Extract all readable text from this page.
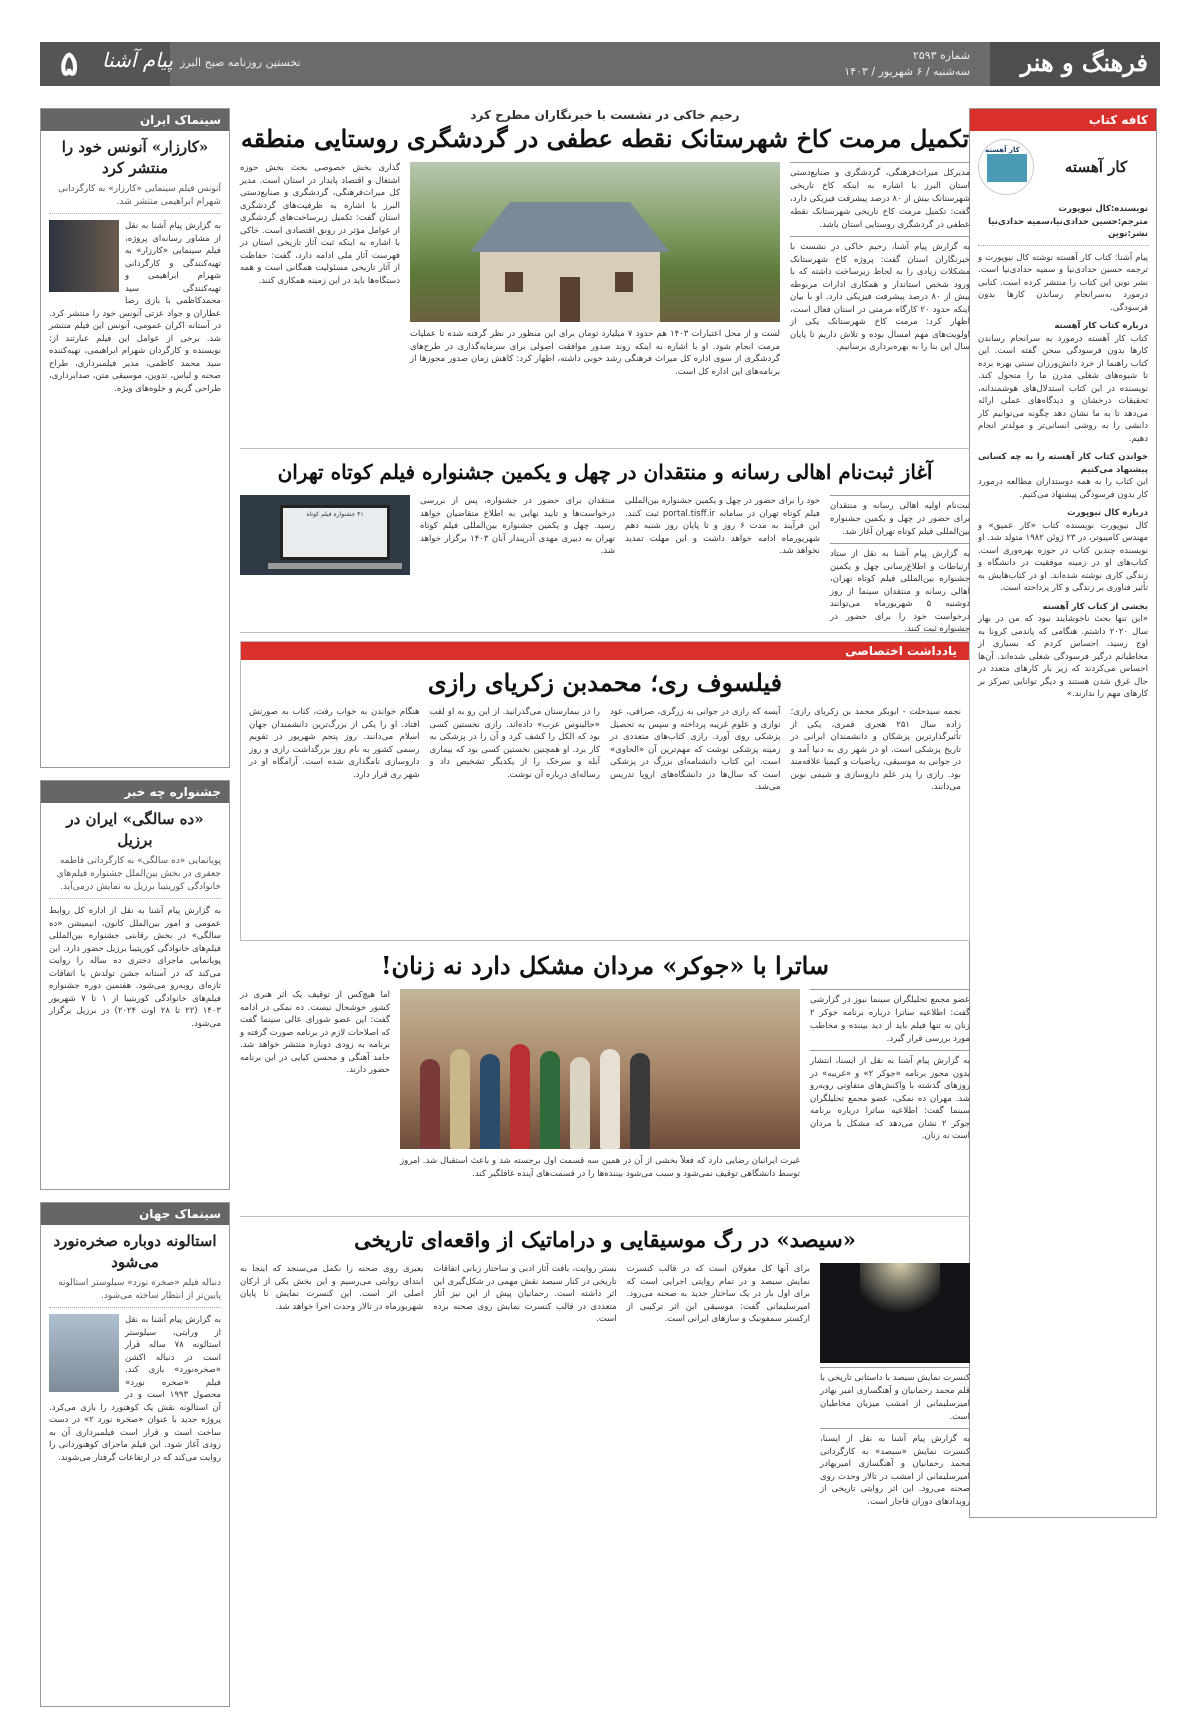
۵ پیام آشنا نخستین روزنامه صبح البرز
شماره ۲۵۹۳
سه‌شنبه / ۶ شهریور / ۱۴۰۳ فرهنگ و هنر
کافه کتاب
کار آهسته
کار آهسته
نویسنده:کال نیوپورت
مترجم:حسین حدادی‌نیا،سمیه حدادی‌نیا
نشر:نوین
پیام آشنا: کتاب کار آهسته نوشته کال نیوپورت و ترجمه حسین حدادی‌نیا و سمیه حدادی‌نیا است. نشر نوین این کتاب را منتشر کرده است. کتابی درمورد به‌سرانجام رساندن کارها بدون فرسودگی.
درباره کتاب کار آهسته
کتاب کار آهسته درمورد به سرانجام رساندن کارها بدون فرسودگی سخن گفته است. این کتاب راهنما از خرد دانش‌ورزان سنتی بهره برده تا شیوه‌های شغلی مدرن ما را متحول کند. نویسنده در این کتاب استدلال‌های هوشمندانه، تحقیقات درخشان و دیدگاه‌های عملی ارائه می‌دهد تا به ما نشان دهد چگونه می‌توانیم کار دانشی را به روشی انسانی‌تر و مولدتر انجام دهیم.
خواندن کتاب کار آهسته را به چه کسانی پیشنهاد می‌کنیم
این کتاب را به همه دوستداران مطالعه درمورد کار بدون فرسودگی پیشنهاد می‌کنیم.
درباره کال نیوپورت
کال نیوپورت نویسنده کتاب «کار عمیق» و مهندس کامپیوتر، در ۲۳ ژوئن ۱۹۸۲ متولد شد. او نویسنده چندین کتاب در حوزه بهره‌وری است. کتاب‌های او در زمینه موفقیت در دانشگاه و زندگی کاری نوشته شده‌اند. او در کتاب‌هایش به تأثیر فناوری بر زندگی و کار پرداخته است.
بخشی از کتاب کار آهسته
«این تنها بحث ناخوشایند نبود که من در بهار سال ۲۰۲۰ داشتم. هنگامی که پاندمی کرونا به اوج رسید، احساس کردم که بسیاری از مخاطبانم درگیر فرسودگی شغلی شده‌اند. آن‌ها احساس می‌کردند که زیر بار کارهای متعدد در حال غرق شدن هستند و دیگر توانایی تمرکز بر کارهای مهم را ندارند.»
سینماک ایران
«کارزار» آنونس خود را منتشر کرد
آنونس فیلم سینمایی «کارزار» به کارگردانی شهرام ابراهیمی منتشر شد.
به گزارش پیام آشنا به نقل از مشاور رسانه‌ای پروژه، فیلم سینمایی «کارزار» به تهیه‌کنندگی و کارگردانی شهرام ابراهیمی و تهیه‌کنندگی سید محمدکاظمی با بازی رضا عطاران و جواد عزتی آنونس خود را منتشر کرد. در آستانه اکران عمومی، آنونس این فیلم منتشر شد. برخی از عوامل این فیلم عبارتند از: نویسنده و کارگردان شهرام ابراهیمی، تهیه‌کننده سید محمد کاظمی، مدیر فیلمبرداری، طراح صحنه و لباس، تدوین، موسیقی متن، صدابرداری، طراحی گریم و جلوه‌های ویژه.
جشنواره چه خبر
«ده سالگی» ایران در برزیل
پویانمایی «ده سالگی» به کارگردانی فاطمه جعفری در بخش بین‌الملل جشنواره فیلم‌های خانوادگی کوریتیبا برزیل به نمایش درمی‌آید.
به گزارش پیام آشنا به نقل از اداره کل روابط عمومی و امور بین‌الملل کانون، انیمیشن «ده سالگی» در بخش رقابتی جشنواره بین‌المللی فیلم‌های خانوادگی کوریتیبا برزیل حضور دارد. این پویانمایی ماجرای دختری ده ساله را روایت می‌کند که در آستانه جشن تولدش با اتفاقات تازه‌ای روبه‌رو می‌شود. هفتمین دوره جشنواره فیلم‌های خانوادگی کوریتیبا از ۱ تا ۷ شهریور ۱۴۰۳ (۲۲ تا ۲۸ اوت ۲۰۲۴) در برزیل برگزار می‌شود.
سینماک جهان
استالونه دوباره صخره‌نورد می‌شود
دنباله فیلم «صخره نورد» سیلوستر استالونه پایین‌تر از انتظار ساخته می‌شود.
به گزارش پیام آشنا به نقل از ورایتی، سیلوستر استالونه ۷۸ ساله قرار است در دنباله اکشن «صخره‌نورد» بازی کند. فیلم «صخره نورد» محصول ۱۹۹۳ است و در آن استالونه نقش یک کوهنورد را بازی می‌کرد. پروژه جدید با عنوان «صخره نورد ۲» در دست ساخت است و قرار است فیلمبرداری آن به زودی آغاز شود. این فیلم ماجرای کوهنوردانی را روایت می‌کند که در ارتفاعات گرفتار می‌شوند.
رحیم خاکی در نشست با خبرنگاران مطرح کرد
تکمیل مرمت کاخ شهرستانک نقطه عطفی در گردشگری روستایی منطقه
مدیرکل میراث‌فرهنگی، گردشگری و صنایع‌دستی استان البرز با اشاره به اینکه کاخ تاریخی شهرستانک بیش از ۸۰ درصد پیشرفت فیزیکی دارد، گفت: تکمیل مرمت کاخ تاریخی شهرستانک نقطه عطفی در گردشگری روستایی استان باشد.
به گزارش پیام آشنا، رحیم خاکی در نشست با خبرنگاران استان گفت: پروژه کاخ شهرستانک مشکلات زیادی را به لحاظ زیرساخت داشته که با ورود شخص استاندار و همکاری ادارات مربوطه بیش از ۸۰ درصد پیشرفت فیزیکی دارد. او با بیان اینکه حدود ۲۰ کارگاه مرمتی در استان فعال است، اظهار کرد: مرمت کاخ شهرستانک یکی از اولویت‌های مهم امسال بوده و تلاش داریم تا پایان سال این بنا را به بهره‌برداری برسانیم.
لست و از محل اعتبارات ۱۴۰۳ هم حدود ۷ میلیارد تومان برای این منظور در نظر گرفته شده تا عملیات مرمت انجام شود. او با اشاره به اینکه روند صدور موافقت اصولی برای سرمایه‌گذاری در طرح‌های گردشگری از سوی اداره کل میراث فرهنگی رشد خوبی داشته، اظهار کرد: کاهش زمان صدور مجوزها از برنامه‌های این اداره کل است.
گذاری بخش خصوصی بحث بخش حوزه اشتغال و اقتصاد پایدار در استان است. مدیر کل میراث‌فرهنگی، گردشگری و صنایع‌دستی البرز با اشاره به ظرفیت‌های گردشگری استان گفت: تکمیل زیرساخت‌های گردشگری از عوامل مؤثر در رونق اقتصادی است. خاکی با اشاره به اینکه ثبت آثار تاریخی استان در فهرست آثار ملی ادامه دارد، گفت: حفاظت از آثار تاریخی مسئولیت همگانی است و همه دستگاه‌ها باید در این زمینه همکاری کنند.
آغاز ثبت‌نام اهالی رسانه و منتقدان در چهل و یکمین جشنواره فیلم کوتاه تهران
ثبت‌نام اولیه اهالی رسانه و منتقدان برای حضور در چهل و یکمین جشنواره بین‌المللی فیلم کوتاه تهران آغاز شد.
به گزارش پیام آشنا به نقل از ستاد ارتباطات و اطلاع‌رسانی چهل و یکمین جشنواره بین‌المللی فیلم کوتاه تهران، اهالی رسانه و منتقدان سینما از روز دوشنبه ۵ شهریورماه می‌توانند درخواست خود را برای حضور در جشنواره ثبت کنند.
خود را برای حضور در چهل و یکمین جشنواره بین‌المللی فیلم کوتاه تهران در سامانه portal.tisff.ir ثبت کنند. این فرآیند به مدت ۶ روز و تا پایان روز شنبه دهم شهریورماه ادامه خواهد داشت و این مهلت تمدید نخواهد شد.
منتقدان برای حضور در جشنواره، پس از بررسی درخواست‌ها و تایید نهایی به اطلاع متقاضیان خواهد رسید. چهل و یکمین جشنواره بین‌المللی فیلم کوتاه تهران به دبیری مهدی آذرپندار آبان ۱۴۰۳ برگزار خواهد شد.
۴۱ جشنواره فیلم کوتاه
یادداشت اختصاصی
فیلسوف ری؛ محمدبن زکریای رازی
نجمه سیدحلت - ابوبکر محمد بن زکریای رازی؛ زاده سال ۲۵۱ هجری قمری، یکی از تأثیرگذارترین پزشکان و دانشمندان ایرانی در تاریخ پزشکی است. او در شهر ری به دنیا آمد و در جوانی به موسیقی، ریاضیات و کیمیا علاقه‌مند بود. رازی را پدر علم داروسازی و شیمی نوین می‌دانند.
آیسه که رازی در جوانی به زرگری، صرافی، عود نوازی و علوم غریبه پرداخته و سپس به تحصیل پزشکی روی آورد. رازی کتاب‌های متعددی در زمینه پزشکی نوشت که مهم‌ترین آن «الحاوی» است. این کتاب دانشنامه‌ای بزرگ در پزشکی است که سال‌ها در دانشگاه‌های اروپا تدریس می‌شد.
را در بیمارستان می‌گذرانید. از این رو به او لقب «جالینوس عرب» داده‌اند. رازی نخستین کسی بود که الکل را کشف کرد و آن را در پزشکی به کار برد. او همچنین نخستین کسی بود که بیماری آبله و سرخک را از یکدیگر تشخیص داد و رساله‌ای درباره آن نوشت.
هنگام خواندن به خواب رفت، کتاب به صورتش افتاد. او را یکی از بزرگ‌ترین دانشمندان جهان اسلام می‌دانند. روز پنجم شهریور در تقویم رسمی کشور به نام روز بزرگداشت رازی و روز داروسازی نامگذاری شده است. آرامگاه او در شهر ری قرار دارد.
ساترا با «جوکر» مردان مشکل دارد نه زنان!
عضو مجمع تحلیلگران سینما نیوز در گزارشی گفت: اطلاعیه ساترا درباره برنامه جوکر ۲ زنان نه تنها فیلم باید از دید بیننده و مخاطب مورد بررسی قرار گیرد.
به گزارش پیام آشنا به نقل از ایسنا، انتشار بدون مجوز برنامه «جوکر ۲» و «غریبه» در روزهای گذشته با واکنش‌های متفاوتی روبه‌رو شد. مهران ده نمکی، عضو مجمع تحلیلگران سینما گفت: اطلاعیه ساترا درباره برنامه جوکر ۲ نشان می‌دهد که مشکل با مردان است نه زنان.
غیرت ایرانیان رضایی دارد که فعلاً بخشی از آن در همین سه قسمت اول برجسته شد و باعث استقبال شد. امروز توسط دانشگاهی توقیف نمی‌شود و سبب می‌شود بیننده‌ها را در قسمت‌های آینده غافلگیر کند.
اما هیچ‌کس از توقیف یک اثر هنری در کشور خوشحال نیست. ده نمکی در ادامه گفت: این عضو شورای عالی سینما گفت که اصلاحات لازم در برنامه صورت گرفته و برنامه به زودی دوباره منتشر خواهد شد. حامد آهنگی و محسن کیایی در این برنامه حضور دارند.
«سیصد» در رگ موسیقایی و دراماتیک از واقعه‌ای تاریخی
کنسرت نمایش سیصد با داستانی تاریخی با قلم محمد رحمانیان و آهنگسازی امیر بهادر امیرسلیمانی از امشب میزبان مخاطبان است.
به گزارش پیام آشنا به نقل از ایسنا، کنسرت نمایش «سیصد» به کارگردانی محمد رحمانیان و آهنگسازی امیربهادر امیرسلیمانی از امشب در تالار وحدت روی صحنه می‌رود. این اثر روایتی تاریخی از رویدادهای دوران قاجار است.
برای آنها کل مغولان است که در قالب کنسرت نمایش سیصد و در تمام روایتی اجرایی است که برای اول بار در یک ساختار جدید به صحنه می‌رود. امیرسلیمانی گفت: موسیقی این اثر ترکیبی از ارکستر سمفونیک و سازهای ایرانی است.
بستر روایت، بافت آثار ادبی و ساختار زبانی اتفاقات تاریخی در کنار سیصد نقش مهمی در شکل‌گیری این اثر داشته است. رحمانیان پیش از این نیز آثار متعددی در قالب کنسرت نمایش روی صحنه برده است.
بعیری روی صحنه را نکمل می‌سنجد که اینجا به ابتدای روایتی می‌رسیم و این بخش یکی از ارکان اصلی اثر است. این کنسرت نمایش تا پایان شهریورماه در تالار وحدت اجرا خواهد شد.
